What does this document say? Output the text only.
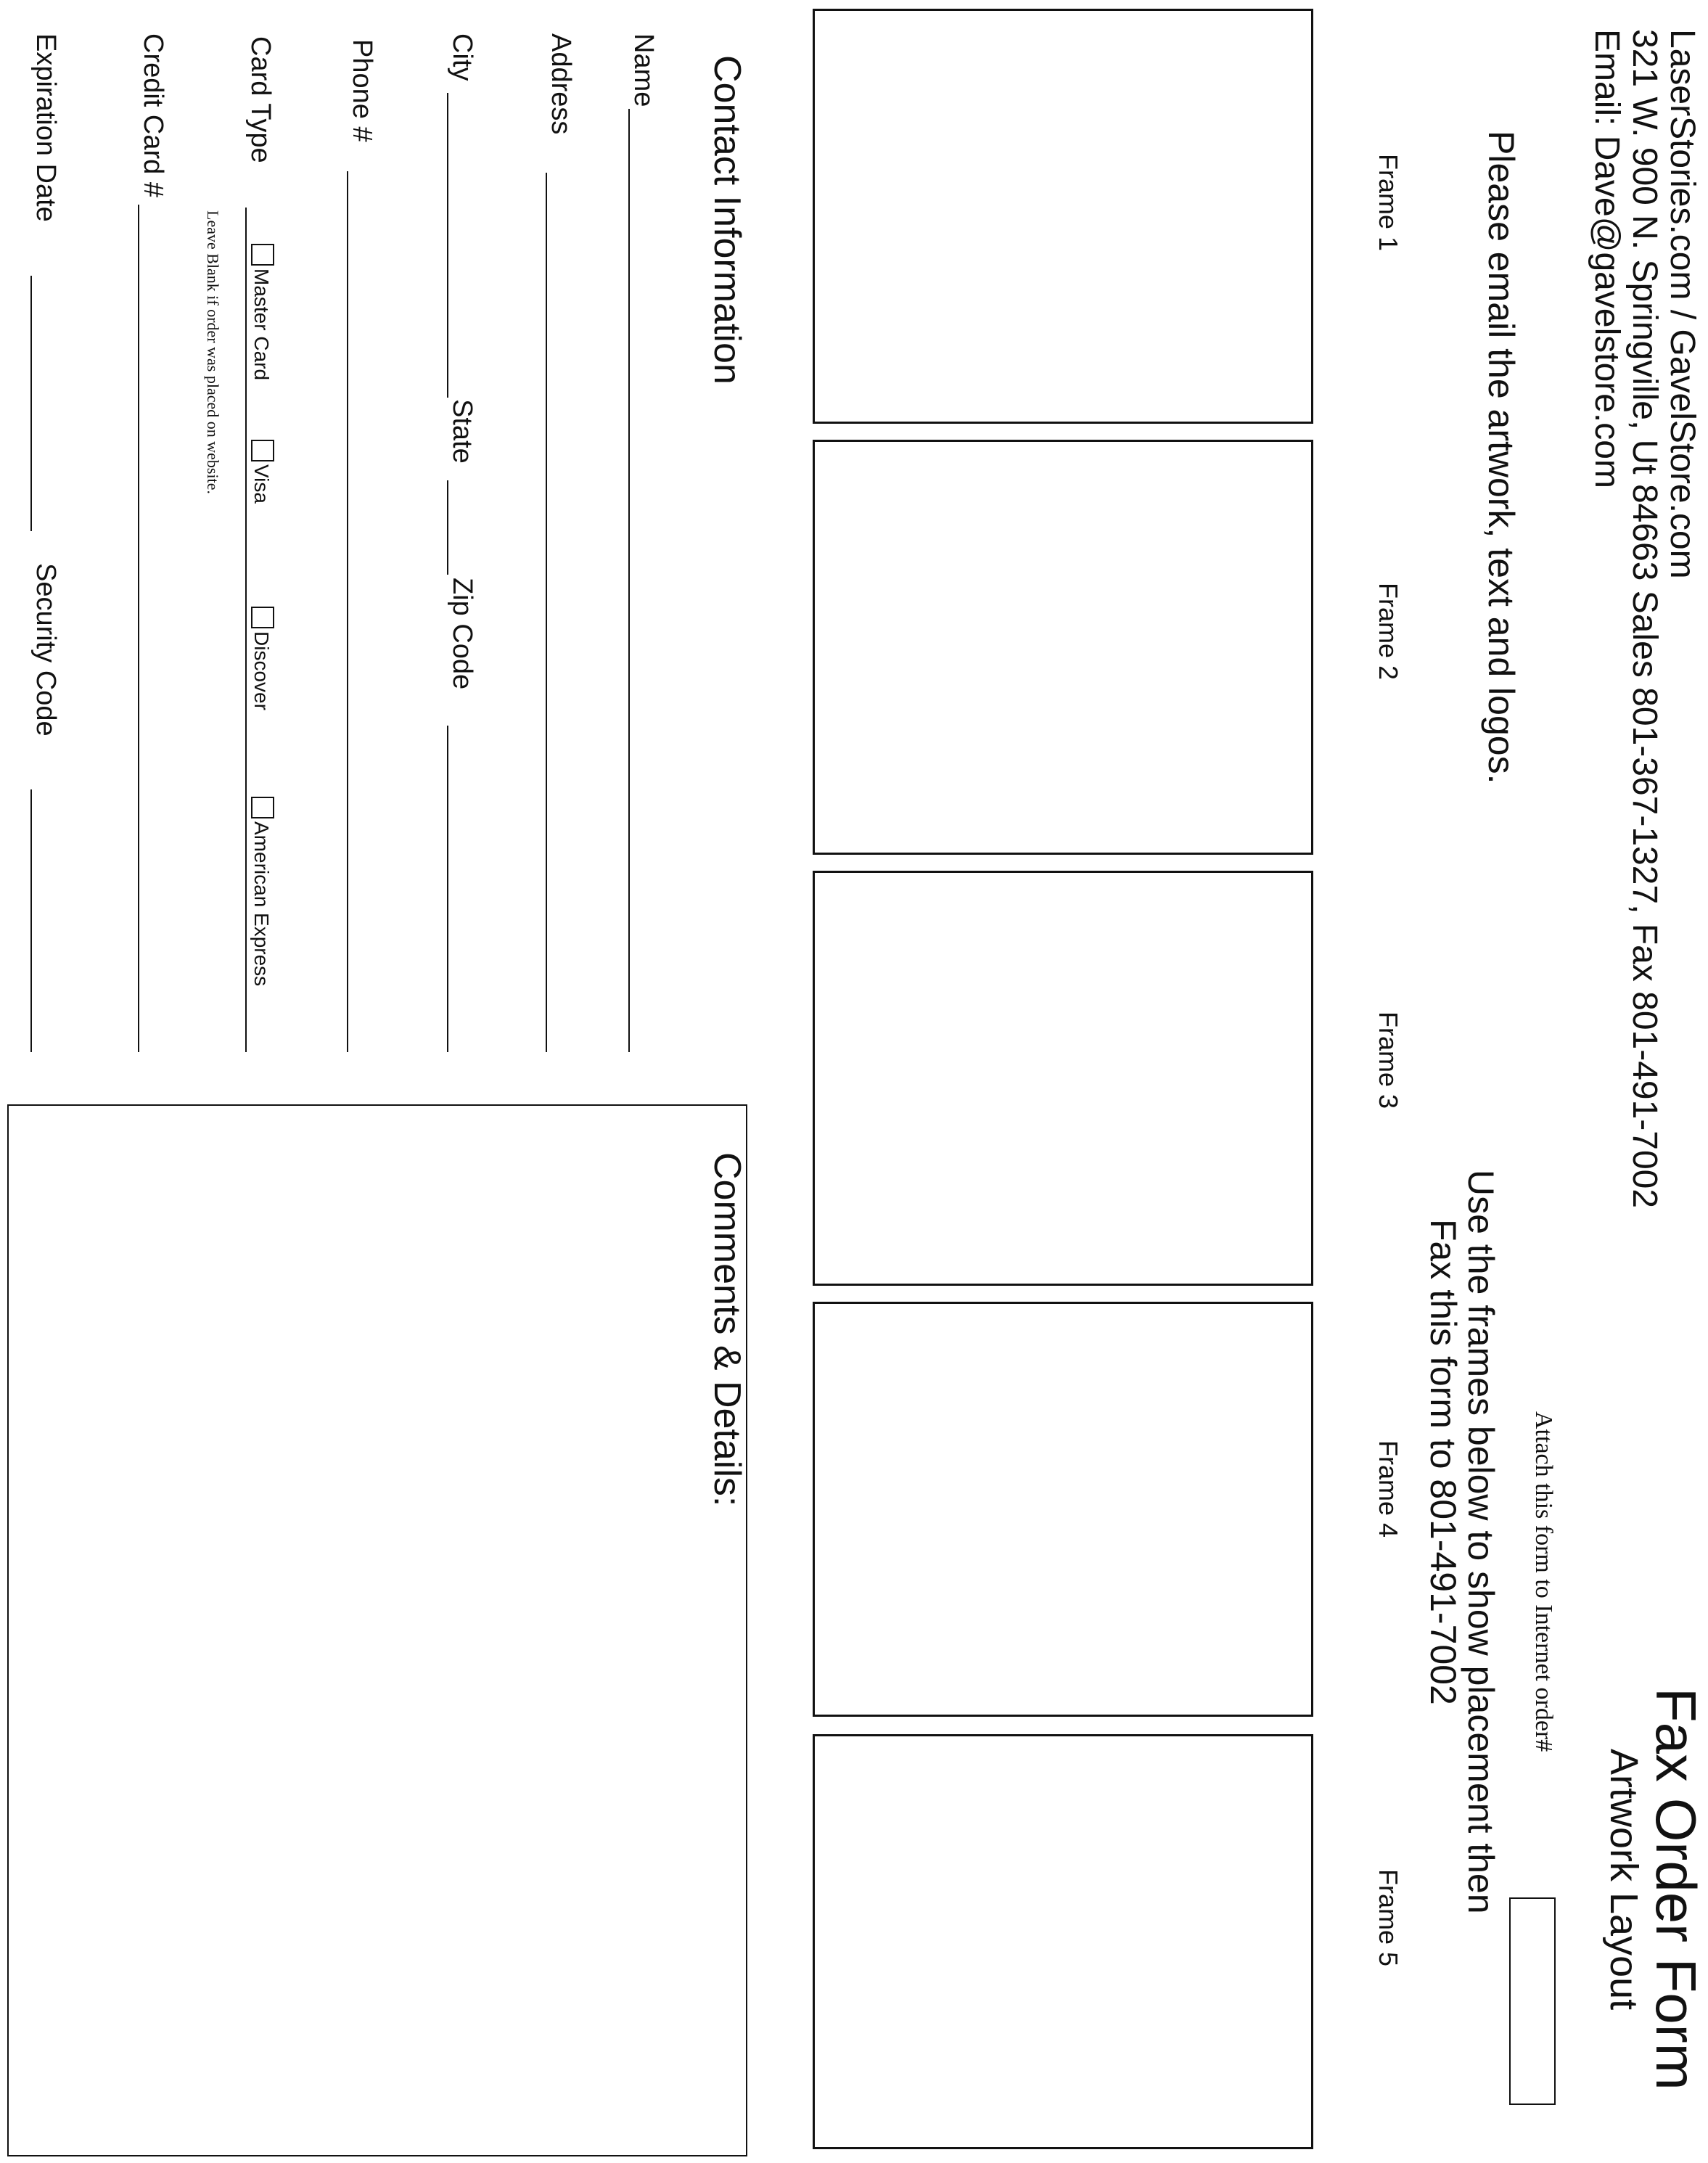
LaserStories.com / GavelStore.com
321 W. 900 N. Springville, Ut 84663 Sales 801-367-1327, Fax 801-491-7002
Email: Dave@gavelstore.com
Fax Order Form
Artwork Layout
Attach this form to Internet order#
Please email the artwork, text and logos.
Use the frames below to show placement then
Fax this form to 801-491-7002
Frame 1
Frame 2
Frame 3
Frame 4
Frame 5
Contact Information
Name
Address
City
State
Zip Code
Phone #
Card Type
Master Card
Visa
Discover
American Express
Leave Blank if order was placed on website.
Credit Card #
Expiration Date
Security Code
Comments & Details:
